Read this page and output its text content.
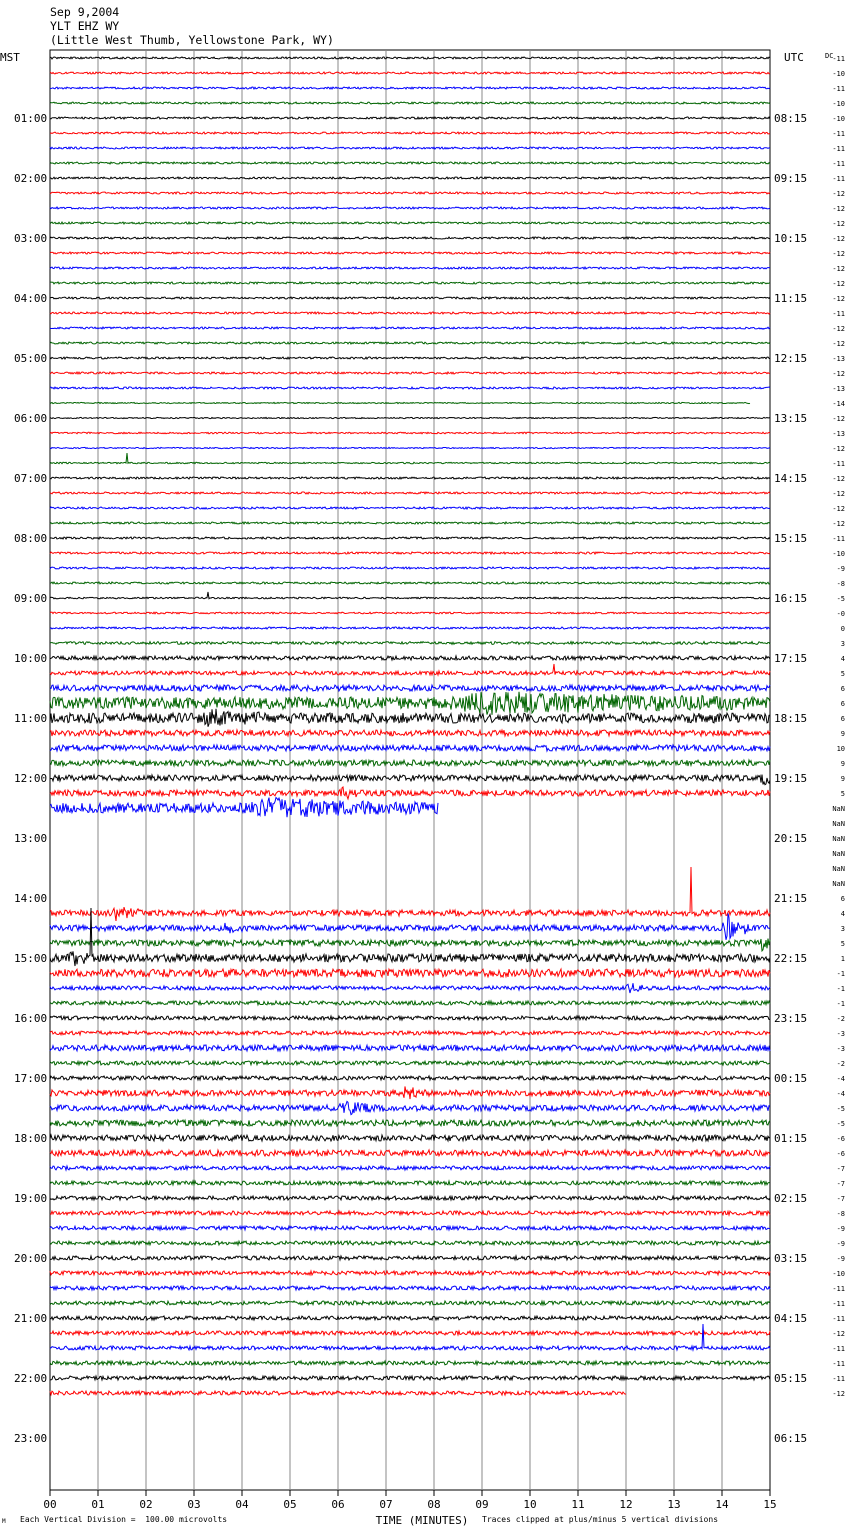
Sep 9,2004
YLT EHZ WY
(Little West Thumb, Yellowstone Park, WY)
MST	UTC	DC
TIME (MINUTES)
00	01	02	03	04	05	06	07	08	09	10	11	12	13	14	15
01:00
02:00
03:00
04:00
05:00
06:00
07:00
08:00
09:00
10:00
11:00
12:00
13:00
14:00
15:00
16:00
17:00
18:00
19:00
20:00
21:00
22:00
23:00
08:15
09:15
10:15
11:15
12:15
13:15
14:15
15:15
16:15
17:15
18:15
19:15
20:15
21:15
22:15
23:15
00:15
01:15
02:15
03:15
04:15
05:15
06:15
-11
-10
-11
-10
-10
-11
-11
-11
-11
-12
-12
-12
-12
-12
-12
-12
-12
-11
-12
-12
-13
-12
-13
-14
-12
-13
-12
-11
-12
-12
-12
-12
-11
-10
-9
-8
-5
-0
0
3
4
5
6
6
6
9
10
9
9
5
NaN
NaN
NaN
NaN
NaN
NaN
6
4
3
5
1
-1
-1
-1
-2
-3
-3
-2
-4
-4
-5
-5
-6
-6
-7
-7
-7
-8
-9
-9
-9
-10
-11
-11
-11
-12
-11
-11
-11
-12
M Each Vertical Division =  100.00 microvolts	Traces clipped at plus/minus 5 vertical divisions
